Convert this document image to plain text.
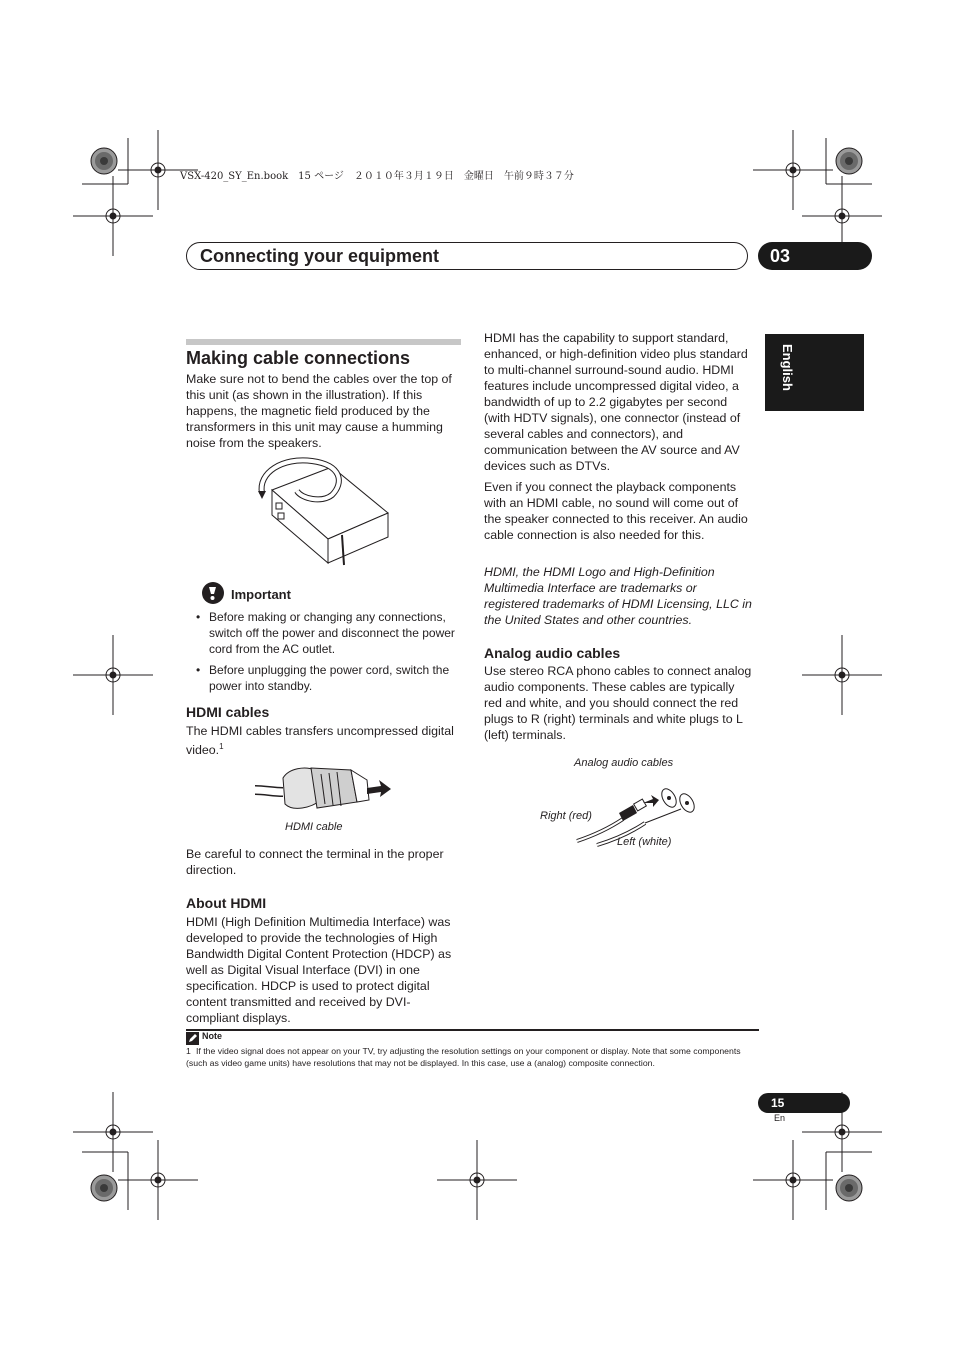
VSX-420_SY_En.book　15 ページ　２０１０年３月１９日　金曜日　午前９時３７分
Connecting your equipment	03
English
Making cable connections
Make sure not to bend the cables over the top of this unit (as shown in the illustration). If this happens, the magnetic field produced by the transformers in this unit may cause a humming noise from the speakers.
Important
• Before making or changing any connections, switch off the power and disconnect the power cord from the AC outlet.
• Before unplugging the power cord, switch the power into standby.
HDMI cables
The HDMI cables transfers uncompressed digital video.$^1$
HDMI cable
Be careful to connect the terminal in the proper direction.
About HDMI
HDMI (High Definition Multimedia Interface) was developed to provide the technologies of High Bandwidth Digital Content Protection (HDCP) as well as Digital Visual Interface (DVI) in one specification. HDCP is used to protect digital content transmitted and received by DVI-compliant displays.
HDMI has the capability to support standard, enhanced, or high-definition video plus standard to multi-channel surround-sound audio. HDMI features include uncompressed digital video, a bandwidth of up to 2.2 gigabytes per second (with HDTV signals), one connector (instead of several cables and connectors), and communication between the AV source and AV devices such as DTVs.
Even if you connect the playback components with an HDMI cable, no sound will come out of the speaker connected to this receiver. An audio cable connection is also needed for this.
HDMI, the HDMI Logo and High-Definition Multimedia Interface are trademarks or registered trademarks of HDMI Licensing, LLC in the United States and other countries.
Analog audio cables
Use stereo RCA phono cables to connect analog audio components. These cables are typically red and white, and you should connect the red plugs to R (right) terminals and white plugs to L (left) terminals.
Analog audio cables
Right (red)
Left (white)
Note
1 If the video signal does not appear on your TV, try adjusting the resolution settings on your component or display. Note that some components (such as video game units) have resolutions that may not be displayed. In this case, use a (analog) composite connection.
15
En
